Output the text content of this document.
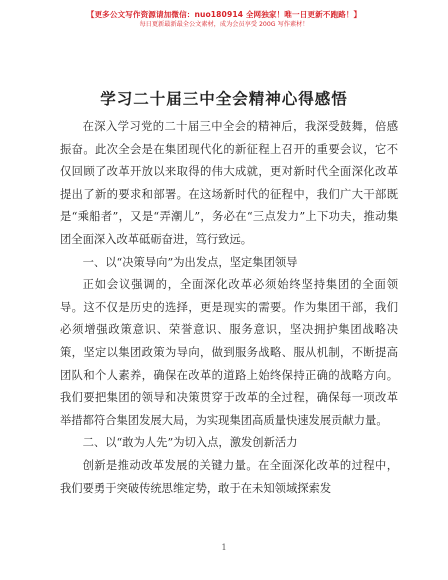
【更多公文写作资源请加微信：nuo180914 全网独家！唯一日更新不跑路！】
每日更新最新最全公文素材，成为会员享受 200G 写作素材！
学习二十届三中全会精神心得感悟

在深入学习党的二十届三中全会的精神后，我深受鼓舞，倍感振奋。此次全会是在集团现代化的新征程上召开的重要会议，它不仅回顾了改革开放以来取得的伟大成就，更对新时代全面深化改革提出了新的要求和部署。在这场新时代的征程中，我们广大干部既是“乘船者”，又是“弄潮儿”，务必在“三点发力”上下功夫，推动集团全面深入改革砥砺奋进，笃行致远。

一、以“决策导向”为出发点，坚定集团领导

正如会议强调的，全面深化改革必须始终坚持集团的全面领导。这不仅是历史的选择，更是现实的需要。作为集团干部，我们必须增强政策意识、荣誉意识、服务意识，坚决拥护集团战略决策，坚定以集团政策为导向，做到服务战略、服从机制，不断提高团队和个人素养，确保在改革的道路上始终保持正确的战略方向。我们要把集团的领导和决策贯穿于改革的全过程，确保每一项改革举措都符合集团发展大局，为实现集团高质量快速发展贡献力量。

二、以“敢为人先”为切入点，激发创新活力

创新是推动改革发展的关键力量。在全面深化改革的过程中，我们要勇于突破传统思维定势，敢于在未知领域探索发

1
